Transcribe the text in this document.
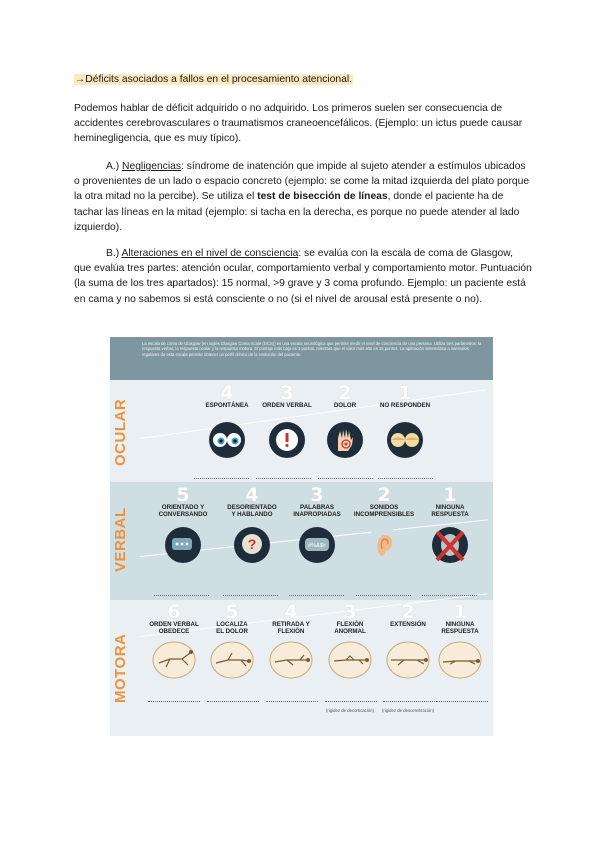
→Déficits asociados a fallos en el procesamiento atencional.
Podemos hablar de déficit adquirido o no adquirido. Los primeros suelen ser consecuencia de accidentes cerebrovasculares o traumatismos craneoencefálicos. (Ejemplo: un ictus puede causar heminegligencia, que es muy típico).
A.) Negligencias: síndrome de inatención que impide al sujeto atender a estímulos ubicados o provenientes de un lado o espacio concreto (ejemplo: se come la mitad izquierda del plato porque la otra mitad no la percibe). Se utiliza el test de bisección de líneas, donde el paciente ha de tachar las líneas en la mitad (ejemplo: si tacha en la derecha, es porque no puede atender al lado izquierdo).
B.) Alteraciones en el nivel de consciencia: se evalúa con la escala de coma de Glasgow, que evalúa tres partes: atención ocular, comportamiento verbal y comportamiento motor. Puntuación (la suma de los tres apartados): 15 normal, >9 grave y 3 coma profundo. Ejemplo: un paciente está en cama y no sabemos si está consciente o no (si el nivel de arousal está presente o no).
La escala de coma de Glasgow (en inglés Glasgow Coma Scale (GCS)) es una escala neurológica que permite medir el nivel de conciencia de una persona. Utiliza tres parámetros: la respuesta verbal, la respuesta ocular y la respuesta motora. El puntaje más bajo es 3 puntos, mientras que el valor más alto es 15 puntos. La aplicación sistemática a intervalos regulares de esta escala permite obtener un perfil clínico de la evolución del paciente.
OCULAR
4
ESPONTÁNEA
3
ORDEN VERBAL
2
DOLOR
1
NO RESPONDEN
VERBAL
5
ORIENTADO Y
CONVERSANDO
4
DESORIENTADO
Y HABLANDO
?
3
PALABRAS
INAPROPIADAS
#%&$#
2
SONIDOS
INCOMPRENSIBLES
1
NINGUNA
RESPUESTA
MOTORA
6
ORDEN VERBAL
OBEDECE
5
LOCALIZA
EL DOLOR
4
RETIRADA Y
FLEXIÓN
3
FLEXIÓN
ANORMAL
2
EXTENSIÓN

1
NINGUNA
RESPUESTA
(rigidez de decorticación)	(rigidez de descerebración)
